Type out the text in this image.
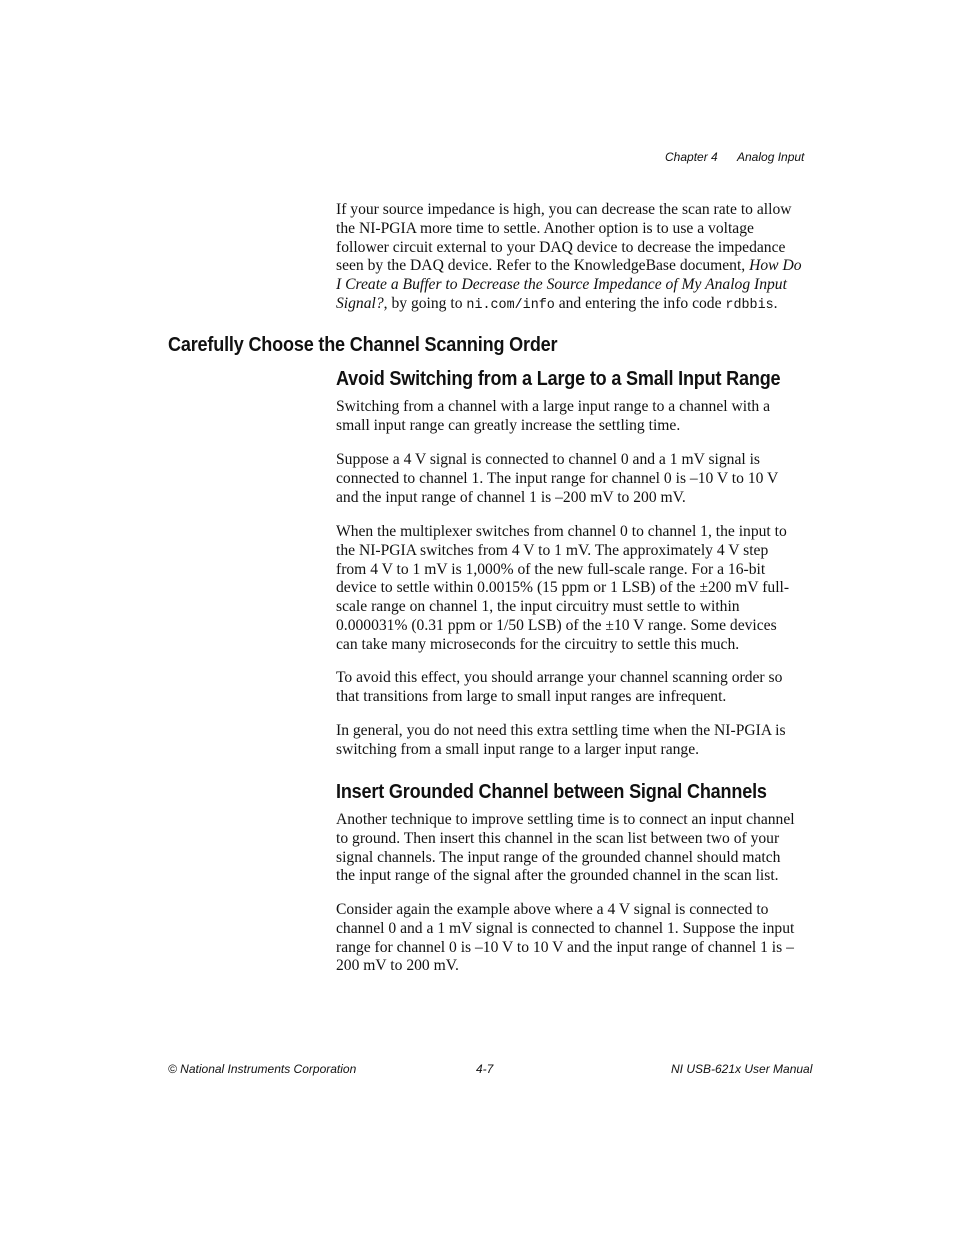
Chapter 4 Analog Input

If your source impedance is high, you can decrease the scan rate to allow the NI-PGIA more time to settle. Another option is to use a voltage follower circuit external to your DAQ device to decrease the impedance seen by the DAQ device. Refer to the KnowledgeBase document, How Do I Create a Buffer to Decrease the Source Impedance of My Analog Input Signal?, by going to ni.com/info and entering the info code rdbbis.

Carefully Choose the Channel Scanning Order
Avoid Switching from a Large to a Small Input Range

Switching from a channel with a large input range to a channel with a small input range can greatly increase the settling time.

Suppose a 4 V signal is connected to channel 0 and a 1 mV signal is connected to channel 1. The input range for channel 0 is –10 V to 10 V and the input range of channel 1 is –200 mV to 200 mV.

When the multiplexer switches from channel 0 to channel 1, the input to the NI-PGIA switches from 4 V to 1 mV. The approximately 4 V step from 4 V to 1 mV is 1,000% of the new full-scale range. For a 16-bit device to settle within 0.0015% (15 ppm or 1 LSB) of the ±200 mV full-scale range on channel 1, the input circuitry must settle to within 0.000031% (0.31 ppm or 1/50 LSB) of the ±10 V range. Some devices can take many microseconds for the circuitry to settle this much.

To avoid this effect, you should arrange your channel scanning order so that transitions from large to small input ranges are infrequent.

In general, you do not need this extra settling time when the NI-PGIA is switching from a small input range to a larger input range.

Insert Grounded Channel between Signal Channels

Another technique to improve settling time is to connect an input channel to ground. Then insert this channel in the scan list between two of your signal channels. The input range of the grounded channel should match the input range of the signal after the grounded channel in the scan list.

Consider again the example above where a 4 V signal is connected to channel 0 and a 1 mV signal is connected to channel 1. Suppose the input range for channel 0 is –10 V to 10 V and the input range of channel 1 is –200 mV to 200 mV.

© National Instruments Corporation	4-7	NI USB-621x User Manual
